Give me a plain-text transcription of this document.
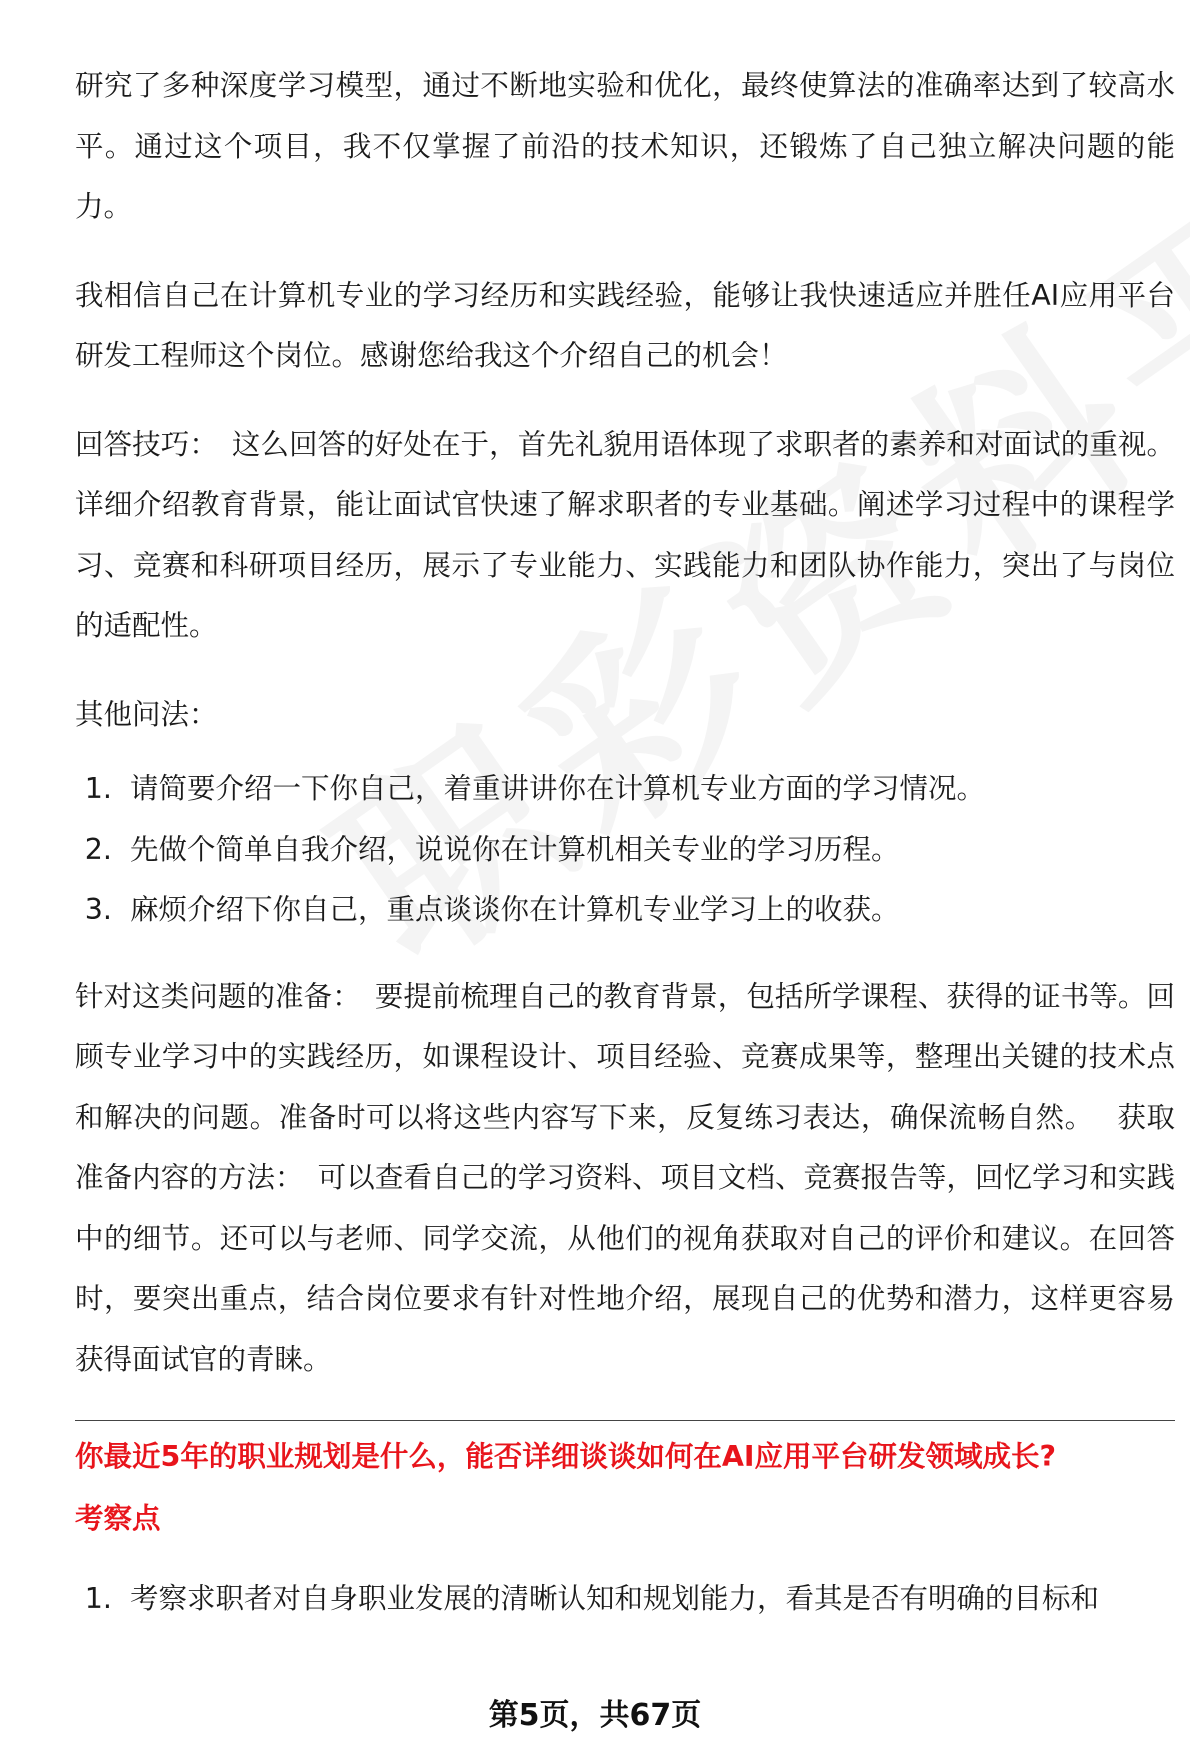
研究了多种深度学习模型，通过不断地实验和优化，最终使算法的准确率达到了较高水平。通过这个项目，我不仅掌握了前沿的技术知识，还锻炼了自己独立解决问题的能力。

我相信自己在计算机专业的学习经历和实践经验，能够让我快速适应并胜任AI应用平台研发工程师这个岗位。感谢您给我这个介绍自己的机会！

回答技巧： 这么回答的好处在于，首先礼貌用语体现了求职者的素养和对面试的重视。详细介绍教育背景，能让面试官快速了解求职者的专业基础。阐述学习过程中的课程学习、竞赛和科研项目经历，展示了专业能力、实践能力和团队协作能力，突出了与岗位的适配性。

其他问法：

1. 请简要介绍一下你自己，着重讲讲你在计算机专业方面的学习情况。
2. 先做个简单自我介绍，说说你在计算机相关专业的学习历程。
3. 麻烦介绍下你自己，重点谈谈你在计算机专业学习上的收获。

针对这类问题的准备： 要提前梳理自己的教育背景，包括所学课程、获得的证书等。回顾专业学习中的实践经历，如课程设计、项目经验、竞赛成果等，整理出关键的技术点和解决的问题。准备时可以将这些内容写下来，反复练习表达，确保流畅自然。 获取准备内容的方法： 可以查看自己的学习资料、项目文档、竞赛报告等，回忆学习和实践中的细节。还可以与老师、同学交流，从他们的视角获取对自己的评价和建议。在回答时，要突出重点，结合岗位要求有针对性地介绍，展现自己的优势和潜力，这样更容易获得面试官的青睐。

你最近5年的职业规划是什么，能否详细谈谈如何在AI应用平台研发领域成长?
考察点
1. 考察求职者对自身职业发展的清晰认知和规划能力，看其是否有明确的目标和
第5页，共67页
